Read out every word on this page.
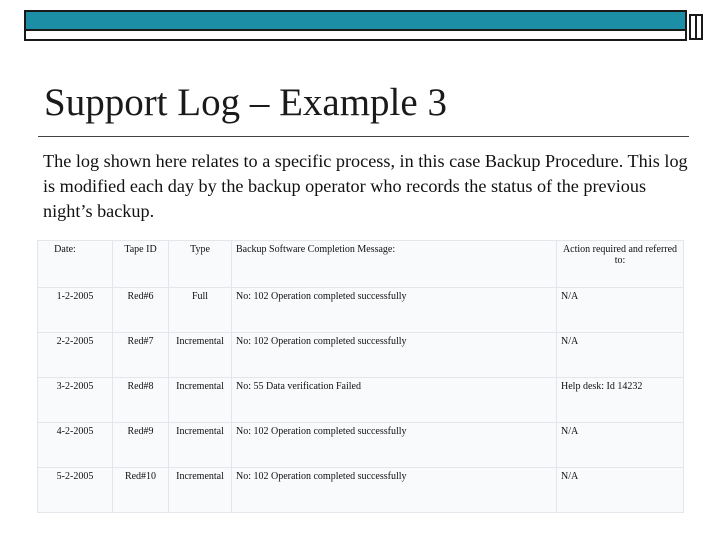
Support Log – Example 3
The log shown here relates to a specific process, in this case Backup Procedure. This log is modified each day by the backup operator who records the status of the previous night’s backup.
Date:	Tape ID	Type	Backup Software Completion Message:	Action required and referred to:
1-2-2005	Red#6	Full	No: 102 Operation completed successfully	N/A
2-2-2005	Red#7	Incremental	No: 102 Operation completed successfully	N/A
3-2-2005	Red#8	Incremental	No: 55 Data verification Failed	Help desk: Id 14232
4-2-2005	Red#9	Incremental	No: 102 Operation completed successfully	N/A
5-2-2005	Red#10	Incremental	No: 102 Operation completed successfully	N/A
